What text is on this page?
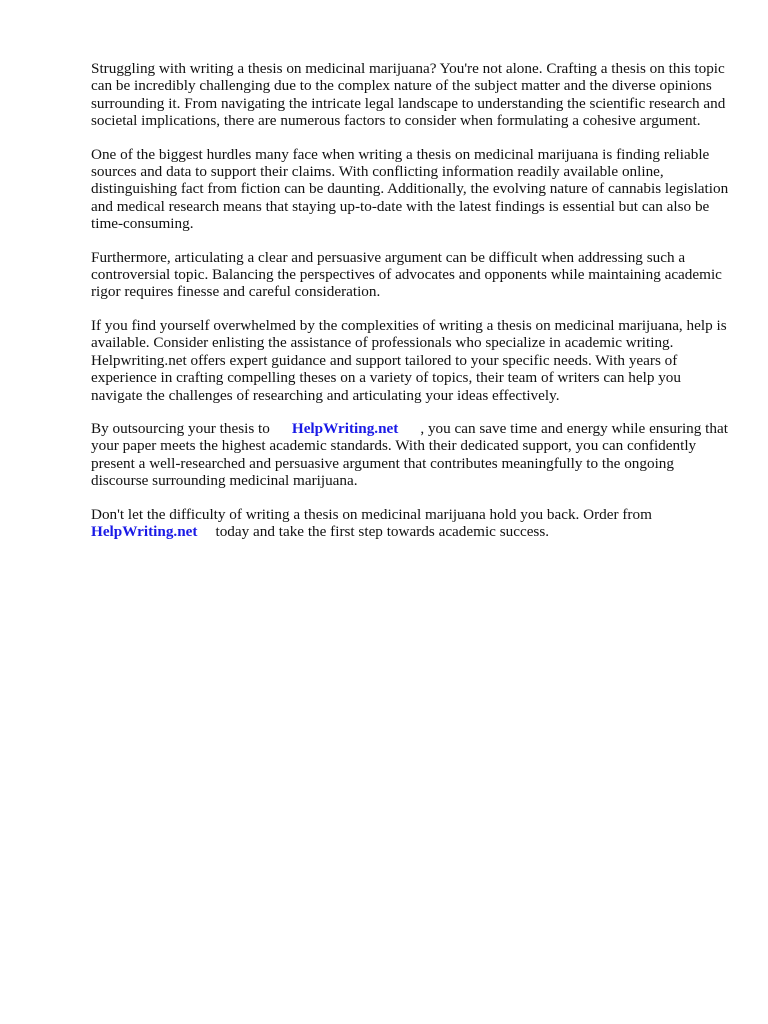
Struggling with writing a thesis on medicinal marijuana? You're not alone. Crafting a thesis on this topic can be incredibly challenging due to the complex nature of the subject matter and the diverse opinions surrounding it. From navigating the intricate legal landscape to understanding the scientific research and societal implications, there are numerous factors to consider when formulating a cohesive argument.

One of the biggest hurdles many face when writing a thesis on medicinal marijuana is finding reliable sources and data to support their claims. With conflicting information readily available online, distinguishing fact from fiction can be daunting. Additionally, the evolving nature of cannabis legislation and medical research means that staying up-to-date with the latest findings is essential but can also be time-consuming.

Furthermore, articulating a clear and persuasive argument can be difficult when addressing such a controversial topic. Balancing the perspectives of advocates and opponents while maintaining academic rigor requires finesse and careful consideration.

If you find yourself overwhelmed by the complexities of writing a thesis on medicinal marijuana, help is available. Consider enlisting the assistance of professionals who specialize in academic writing. Helpwriting.net offers expert guidance and support tailored to your specific needs. With years of experience in crafting compelling theses on a variety of topics, their team of writers can help you navigate the challenges of researching and articulating your ideas effectively.

By outsourcing your thesis to HelpWriting.net , you can save time and energy while ensuring that your paper meets the highest academic standards. With their dedicated support, you can confidently present a well-researched and persuasive argument that contributes meaningfully to the ongoing discourse surrounding medicinal marijuana.

Don't let the difficulty of writing a thesis on medicinal marijuana hold you back. Order from HelpWriting.net today and take the first step towards academic success.
